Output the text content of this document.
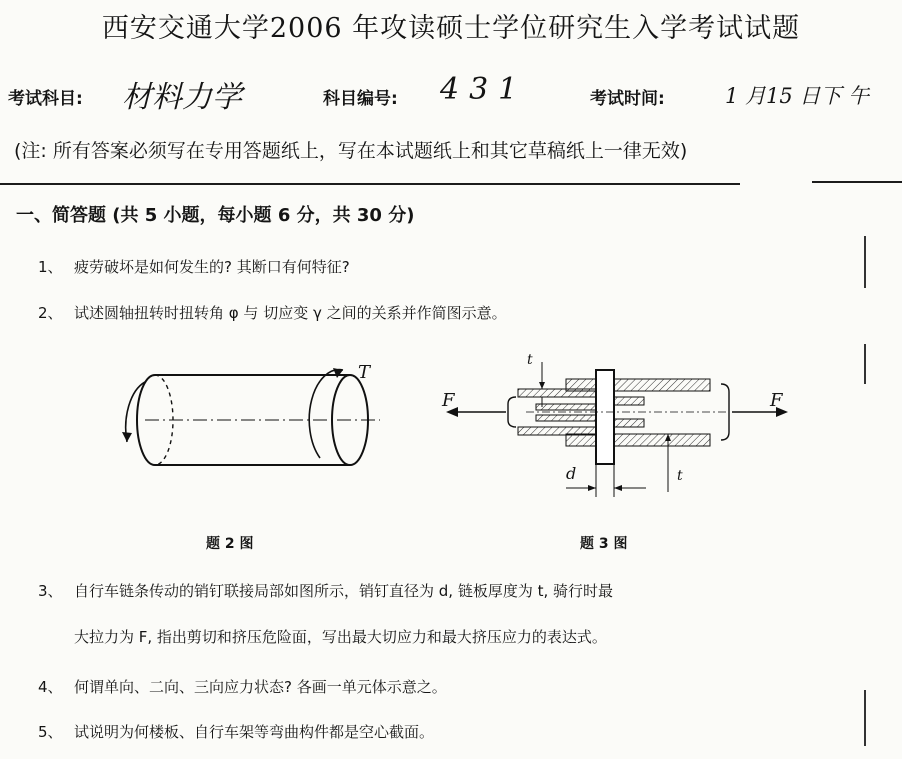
西安交通大学2006 年攻读硕士学位研究生入学考试试题
考试科目: 材料力学	科目编号: 431	考试时间:	1 月15 日下 午
(注: 所有答案必须写在专用答题纸上，写在本试题纸上和其它草稿纸上一律无效)
一、简答题 (共 5 小题，每小题 6 分，共 30 分)
1、 疲劳破坏是如何发生的? 其断口有何特征?
2、 试述圆轴扭转时扭转角 φ 与 切应变 γ 之间的关系并作简图示意。
T
F	F
t
t
d
题 2 图	题 3 图
3、 自行车链条传动的销钉联接局部如图所示，销钉直径为 d, 链板厚度为 t, 骑行时最
大拉力为 F, 指出剪切和挤压危险面，写出最大切应力和最大挤压应力的表达式。
4、 何谓单向、二向、三向应力状态? 各画一单元体示意之。
5、 试说明为何楼板、自行车架等弯曲构件都是空心截面。
